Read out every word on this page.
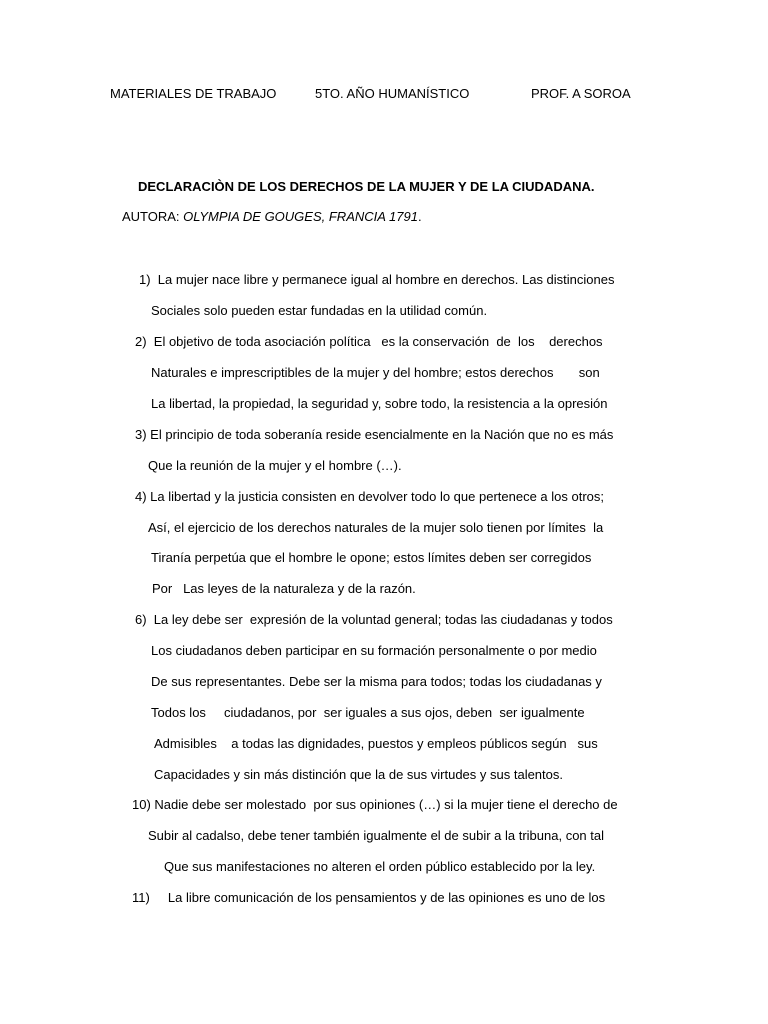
MATERIALES DE TRABAJO	5TO. AÑO HUMANÍSTICO	PROF. A SOROA
DECLARACIÒN DE LOS DERECHOS DE LA MUJER Y DE LA CIUDADANA.
AUTORA: OLYMPIA DE GOUGES, FRANCIA 1791.
1)  La mujer nace libre y permanece igual al hombre en derechos. Las distinciones
Sociales solo pueden estar fundadas en la utilidad común.
2)  El objetivo de toda asociación política   es la conservación  de  los    derechos
Naturales e imprescriptibles de la mujer y del hombre; estos derechos       son
La libertad, la propiedad, la seguridad y, sobre todo, la resistencia a la opresión
3) El principio de toda soberanía reside esencialmente en la Nación que no es más
Que la reunión de la mujer y el hombre (…).
4) La libertad y la justicia consisten en devolver todo lo que pertenece a los otros;
Así, el ejercicio de los derechos naturales de la mujer solo tienen por límites  la
Tiranía perpetúa que el hombre le opone; estos límites deben ser corregidos
Por   Las leyes de la naturaleza y de la razón.
6)  La ley debe ser  expresión de la voluntad general; todas las ciudadanas y todos
Los ciudadanos deben participar en su formación personalmente o por medio
De sus representantes. Debe ser la misma para todos; todas los ciudadanas y
Todos los     ciudadanos, por  ser iguales a sus ojos, deben  ser igualmente
Admisibles    a todas las dignidades, puestos y empleos públicos según   sus
Capacidades y sin más distinción que la de sus virtudes y sus talentos.
10) Nadie debe ser molestado  por sus opiniones (…) si la mujer tiene el derecho de
Subir al cadalso, debe tener también igualmente el de subir a la tribuna, con tal
Que sus manifestaciones no alteren el orden público establecido por la ley.
11)     La libre comunicación de los pensamientos y de las opiniones es uno de los
